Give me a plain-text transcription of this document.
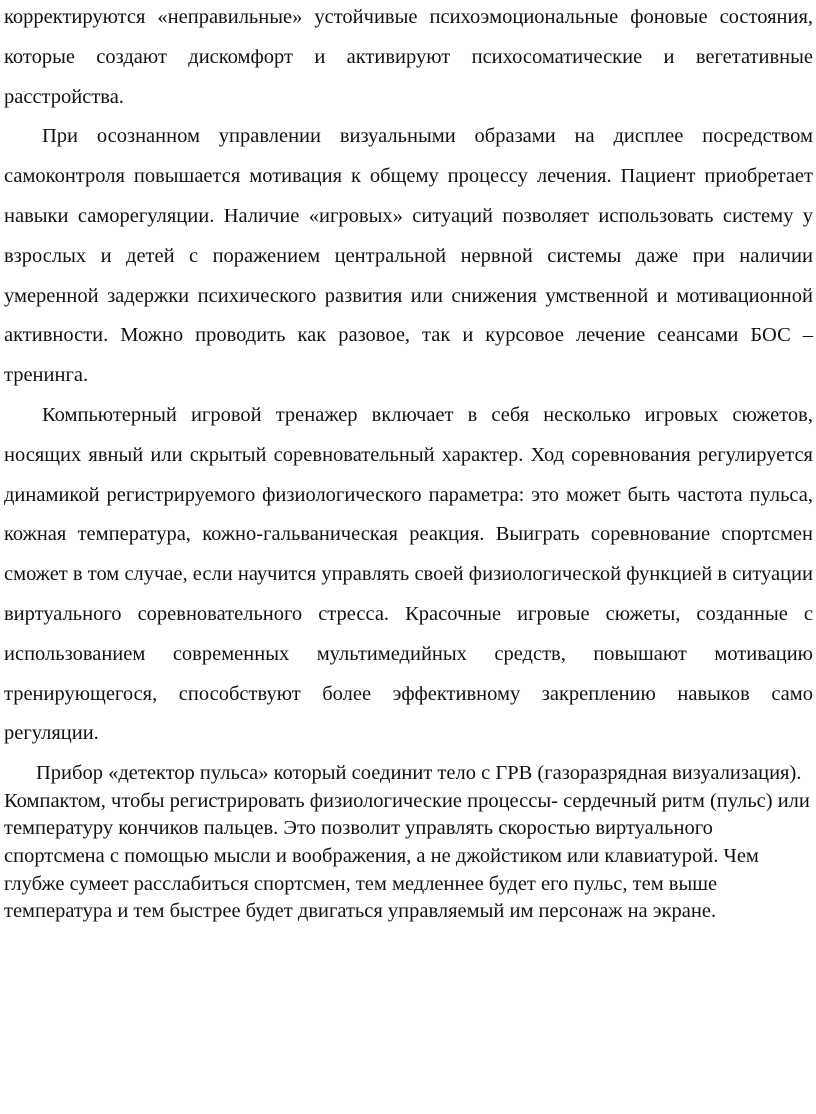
корректируются «неправильные» устойчивые психоэмоциональные фоновые состояния, которые создают дискомфорт и активируют психосоматические и вегетативные расстройства.

При осознанном управлении визуальными образами на дисплее посредством самоконтроля повышается мотивация к общему процессу лечения. Пациент приобретает навыки саморегуляции. Наличие «игровых» ситуаций позволяет использовать систему у взрослых и детей с поражением центральной нервной системы даже при наличии умеренной задержки психического развития или снижения умственной и мотивационной активности. Можно проводить как разовое, так и курсовое лечение сеансами БОС – тренинга.

Компьютерный игровой тренажер включает в себя несколько игровых сюжетов, носящих явный или скрытый соревновательный характер. Ход соревнования регулируется динамикой регистрируемого физиологического параметра: это может быть частота пульса, кожная температура, кожно-гальваническая реакция. Выиграть соревнование спортсмен сможет в том случае, если научится управлять своей физиологической функцией в ситуации виртуального соревновательного стресса. Красочные игровые сюжеты, созданные с использованием современных мультимедийных средств, повышают мотивацию тренирующегося, способствуют более эффективному закреплению навыков само регуляции.

Прибор «детектор пульса» который соединит тело с ГРВ (газоразрядная визуализация). Компактом, чтобы регистрировать физиологические процессы- сердечный ритм (пульс) или температуру кончиков пальцев. Это позволит управлять скоростью виртуального спортсмена с помощью мысли и воображения, а не джойстиком или клавиатурой. Чем глубже сумеет расслабиться спортсмен, тем медленнее будет его пульс, тем выше температура и тем быстрее будет двигаться управляемый им персонаж на экране.
